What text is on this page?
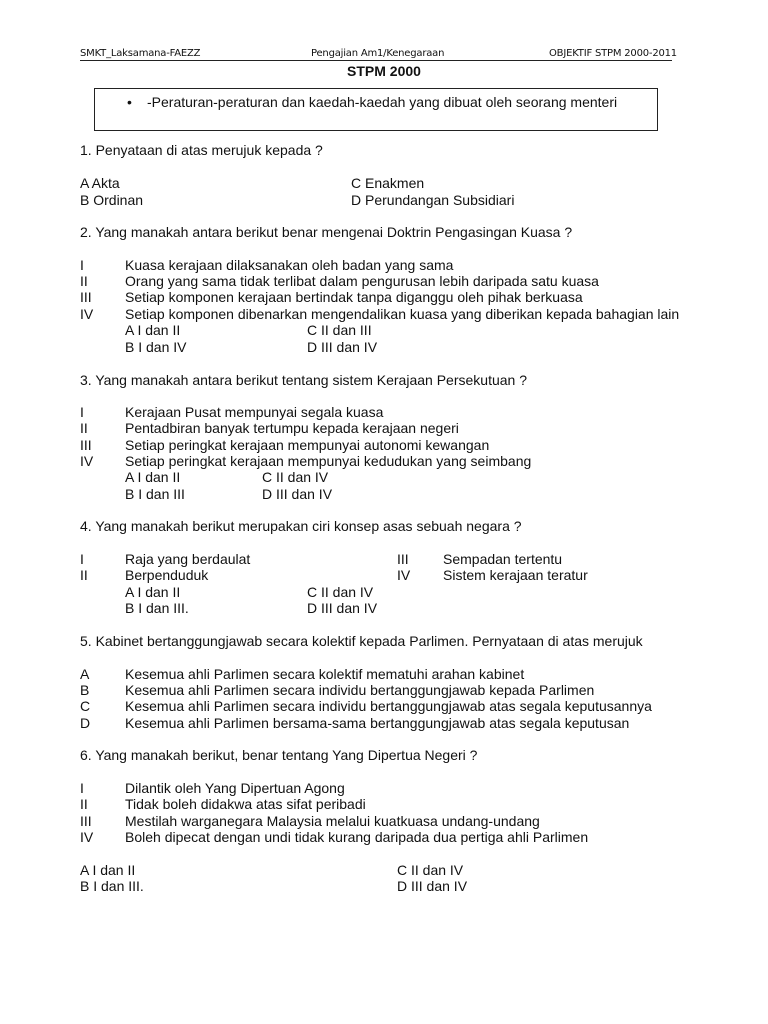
SMKT_Laksamana-FAEZZ	Pengajian Am1/Kenegaraan	OBJEKTIF STPM 2000-2011
STPM 2000
• -Peraturan-peraturan dan kaedah-kaedah yang dibuat oleh seorang menteri
1. Penyataan di atas merujuk kepada ?
A Akta
B Ordinan
C Enakmen
D Perundangan Subsidiari
2. Yang manakah antara berikut benar mengenai Doktrin Pengasingan Kuasa ?
I	Kuasa kerajaan dilaksanakan oleh badan yang sama
II	Orang yang sama tidak terlibat dalam pengurusan lebih daripada satu kuasa
III Setiap komponen kerajaan bertindak tanpa diganggu oleh pihak berkuasa
IV Setiap komponen dibenarkan mengendalikan kuasa yang diberikan kepada bahagian lain
A I dan II
B I dan IV
C II dan III
D III dan IV
3. Yang manakah antara berikut tentang sistem Kerajaan Persekutuan ?
I	Kerajaan Pusat mempunyai segala kuasa
II	Pentadbiran banyak tertumpu kepada kerajaan negeri
III Setiap peringkat kerajaan mempunyai autonomi kewangan
IV Setiap peringkat kerajaan mempunyai kedudukan yang seimbang
A I dan II
B I dan III
C II dan IV
D III dan IV
4. Yang manakah berikut merupakan ciri konsep asas sebuah negara ?
I	Raja yang berdaulat
II	Berpenduduk
III Sempadan tertentu
IV Sistem kerajaan teratur
A I dan II
B I dan III.
C II dan IV
D III dan IV
5. Kabinet bertanggungjawab secara kolektif kepada Parlimen. Pernyataan di atas merujuk
A	Kesemua ahli Parlimen secara kolektif mematuhi arahan kabinet
B	Kesemua ahli Parlimen secara individu bertanggungjawab kepada Parlimen
C Kesemua ahli Parlimen secara individu bertanggungjawab atas segala keputusannya
D Kesemua ahli Parlimen bersama-sama bertanggungjawab atas segala keputusan
6. Yang manakah berikut, benar tentang Yang Dipertua Negeri ?
I	Dilantik oleh Yang Dipertuan Agong
II	Tidak boleh didakwa atas sifat peribadi
III Mestilah warganegara Malaysia melalui kuatkuasa undang-undang
IV Boleh dipecat dengan undi tidak kurang daripada dua pertiga ahli Parlimen
A I dan II
B I dan III.
C II dan IV
D III dan IV
